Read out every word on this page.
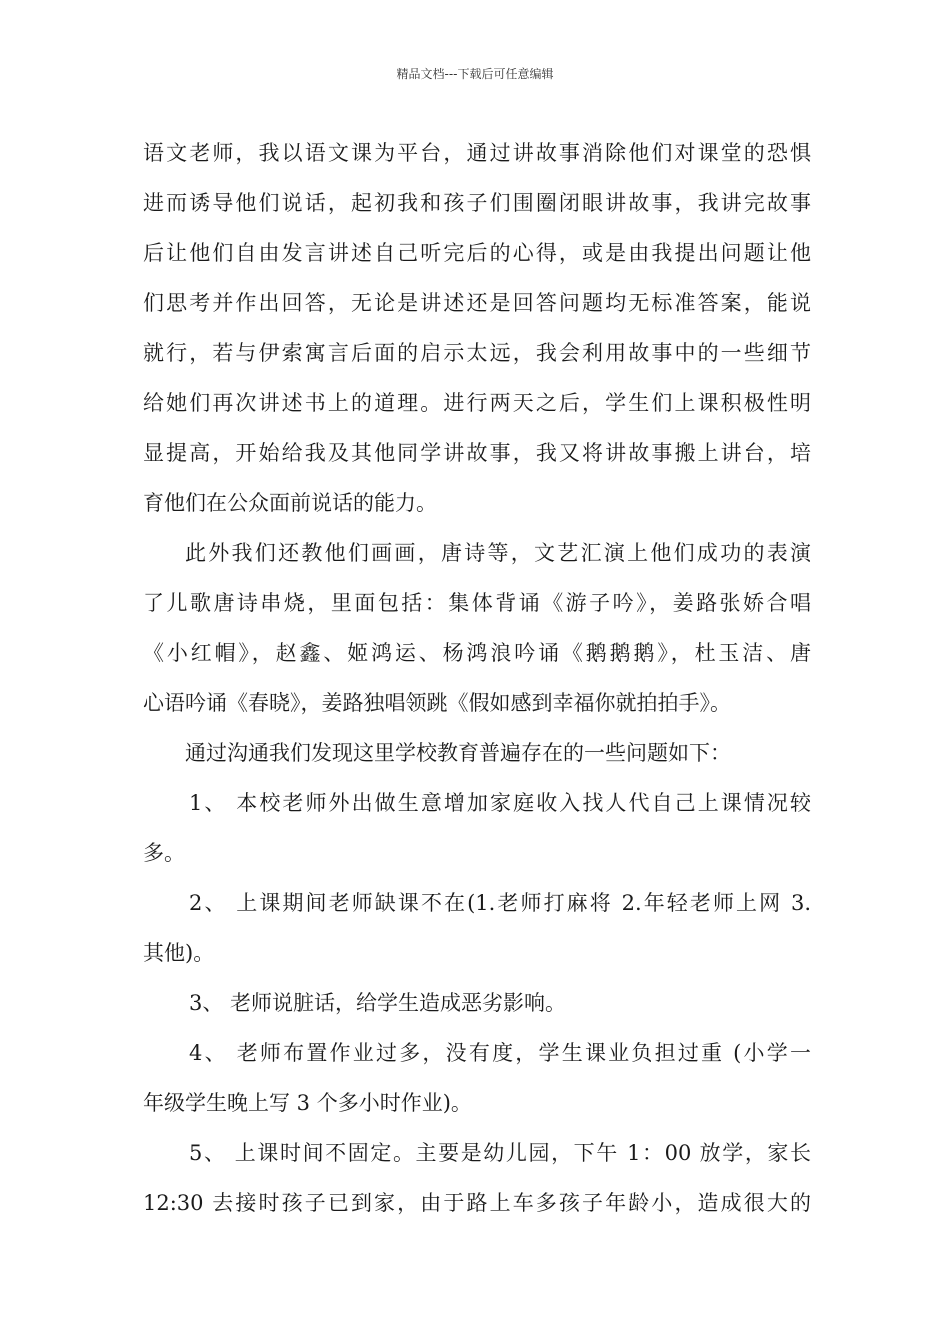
精品文档---下载后可任意编辑
语文老师，我以语文课为平台，通过讲故事消除他们对课堂的恐惧
进而诱导他们说话，起初我和孩子们围圈闭眼讲故事，我讲完故事
后让他们自由发言讲述自己听完后的心得，或是由我提出问题让他
们思考并作出回答，无论是讲述还是回答问题均无标准答案，能说
就行，若与伊索寓言后面的启示太远，我会利用故事中的一些细节
给她们再次讲述书上的道理。进行两天之后，学生们上课积极性明
显提高，开始给我及其他同学讲故事，我又将讲故事搬上讲台，培
育他们在公众面前说话的能力。
此外我们还教他们画画，唐诗等，文艺汇演上他们成功的表演
了儿歌唐诗串烧，里面包括：集体背诵《游子吟》，姜路张娇合唱
《小红帽》，赵鑫、姬鸿运、杨鸿浪吟诵《鹅鹅鹅》，杜玉洁、唐
心语吟诵《春晓》，姜路独唱领跳《假如感到幸福你就拍拍手》。
通过沟通我们发现这里学校教育普遍存在的一些问题如下：
1、 本校老师外出做生意增加家庭收入找人代自己上课情况较
多。
2、 上课期间老师缺课不在(1.老师打麻将 2.年轻老师上网 3.
其他)。
3、 老师说脏话，给学生造成恶劣影响。
4、 老师布置作业过多，没有度，学生课业负担过重 (小学一
年级学生晚上写 3 个多小时作业)。
5、 上课时间不固定。主要是幼儿园，下午 1：00 放学，家长
12:30 去接时孩子已到家，由于路上车多孩子年龄小，造成很大的
